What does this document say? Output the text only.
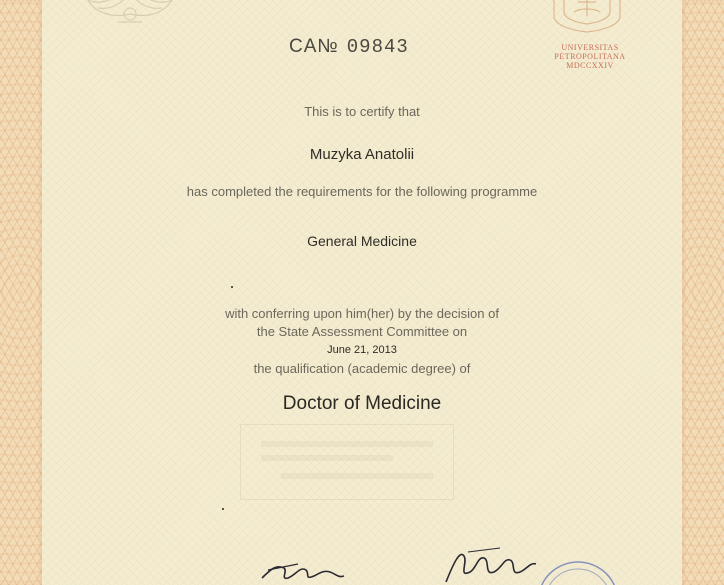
UNIVERSITAS
PETROPOLITANA
MDCCXXIV
CA№ 09843
This is to certify that
Muzyka Anatolii
has completed the requirements for the following programme
General Medicine
with conferring upon him(her) by the decision of
the State Assessment Committee on
June 21, 2013
the qualification (academic degree) of
Doctor of Medicine
